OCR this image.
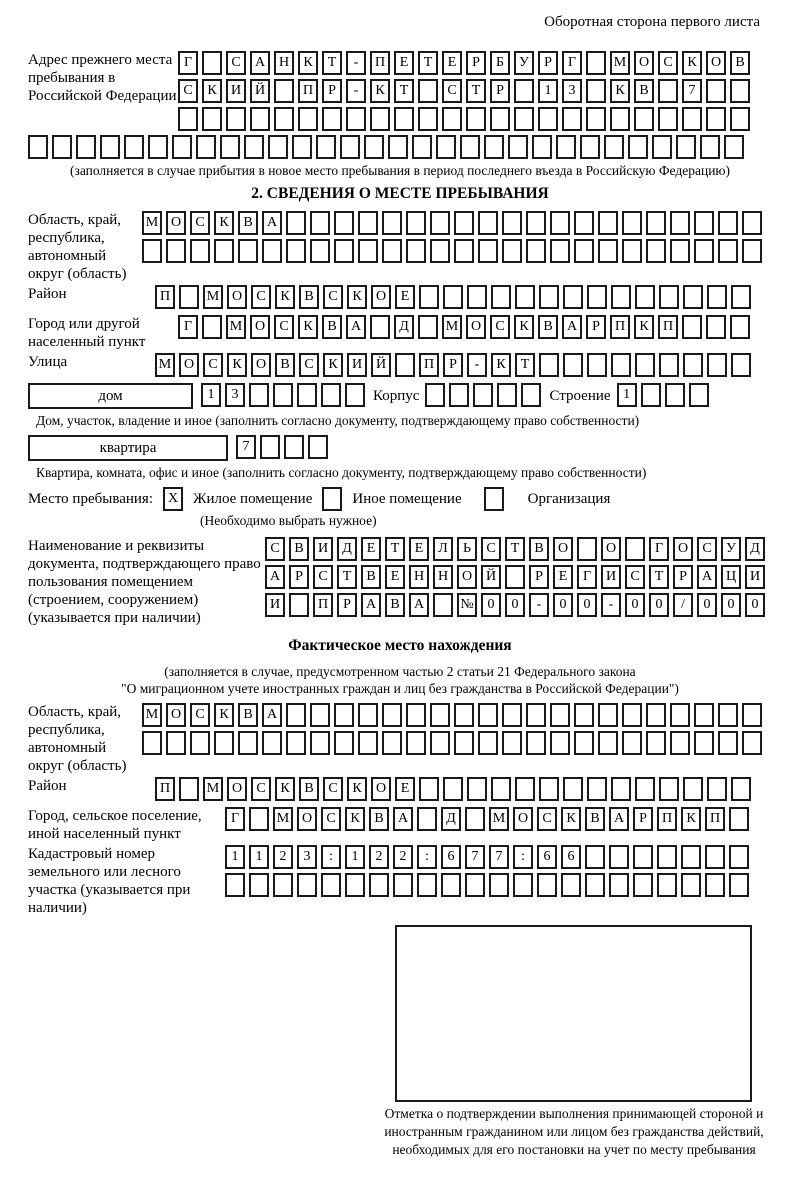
Оборотная сторона первого листа
Адрес прежнего места пребывания в Российской Федерации
Г	С	А Н	К	Т	-	П	Е	Т	Е	Р	Б	У	Р	Г	М О	С	К	О	В
С	К	И Й	П	Р	-	К	Т	С	Т	Р	1	3	К	В	7
(заполняется в случае прибытия в новое место пребывания в период последнего въезда в Российскую Федерацию)
2. СВЕДЕНИЯ О МЕСТЕ ПРЕБЫВАНИЯ
Область, край, республика, автономный округ (область)
М О	С	К	В	А
Район	П	М О	С	К	В	С	К	О	Е
Город или другой населенный пункт
Г	М О	С	К	В	А	Д	М О	С	К	В	А	Р	П	К	П
Улица	М О	С	К	О	В	С	К	И Й	П	Р	-	К	Т
дом	1	3	Корпус	Строение 1
Дом, участок, владение и иное (заполнить согласно документу, подтверждающему право собственности)
квартира	7
Квартира, комната, офис и иное (заполнить согласно документу, подтверждающему право собственности)
Место пребывания:	X Жилое помещение	Иное помещение	Организация
(Необходимо выбрать нужное)
Наименование и реквизиты документа, подтверждающего право пользования помещением (строением, сооружением) (указывается при наличии)
С	В	И	Д	Е	Т	Е	Л	Ь	С	Т	В	О	О	Г	О	С	У	Д
А	Р	С	Т	В	Е	Н Н О Й	Р	Е	Г	И	С	Т	Р	А Ц И
И	П	Р	А	В	А	№ 0	0	-	0	0	-	0	0	/	0	0	0
Фактическое место нахождения
(заполняется в случае, предусмотренном частью 2 статьи 21 Федерального закона
"О миграционном учете иностранных граждан и лиц без гражданства в Российской Федерации")
Область, край, республика, автономный округ (область)
М О	С	К	В	А
Район	П	М О	С	К	В	С	К	О	Е
Город, сельское поселение, иной населенный пункт
Г	М О	С	К	В	А	Д	М О	С	К	В	А	Р	П	К	П
Кадастровый номер земельного или лесного участка (указывается при наличии)
1	1	2	3	:	1	2	2	:	6	7	7	:	6	6
Отметка о подтверждении выполнения принимающей стороной и иностранным гражданином или лицом без гражданства действий, необходимых для его постановки на учет по месту пребывания
